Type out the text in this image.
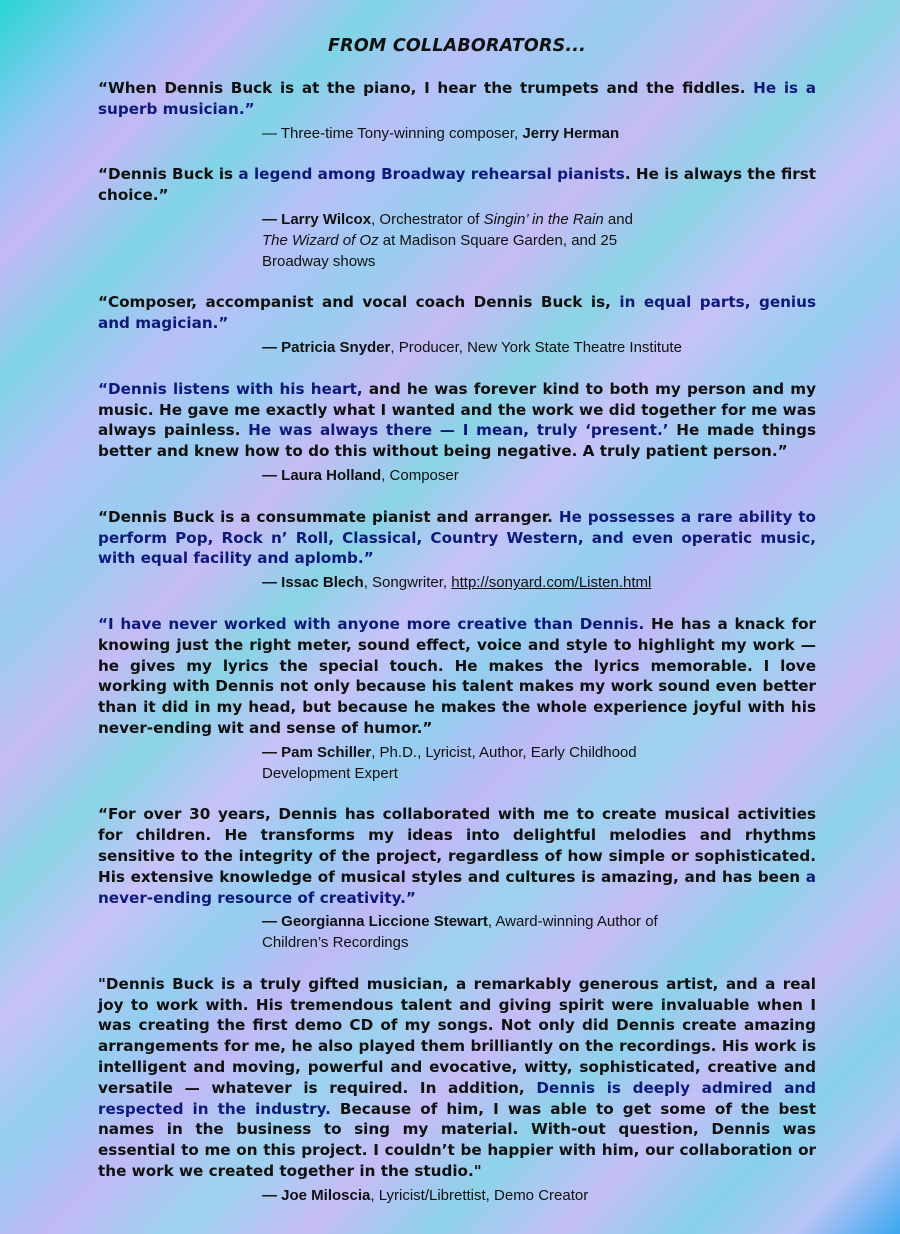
FROM COLLABORATORS...

“When Dennis Buck is at the piano, I hear the trumpets and the fiddles. He is a superb musician.”

— Three-time Tony-winning composer, Jerry Herman

“Dennis Buck is a legend among Broadway rehearsal pianists. He is always the first choice.”

— Larry Wilcox, Orchestrator of Singin’ in the Rain and
The Wizard of Oz at Madison Square Garden, and 25
Broadway shows

“Composer, accompanist and vocal coach Dennis Buck is, in equal parts, genius and magician.”

— Patricia Snyder, Producer, New York State Theatre Institute

“Dennis listens with his heart, and he was forever kind to both my person and my music. He gave me exactly what I wanted and the work we did together for me was always painless. He was always there — I mean, truly ‘present.’ He made things better and knew how to do this without being negative. A truly patient person.”

— Laura Holland, Composer

“Dennis Buck is a consummate pianist and arranger. He possesses a rare ability to perform Pop, Rock n’ Roll, Classical, Country Western, and even operatic music, with equal facility and aplomb.”

— Issac Blech, Songwriter, http://sonyard.com/Listen.html

“I have never worked with anyone more creative than Dennis. He has a knack for knowing just the right meter, sound effect, voice and style to highlight my work — he gives my lyrics the special touch. He makes the lyrics memorable. I love working with Dennis not only because his talent makes my work sound even better than it did in my head, but because he makes the whole experience joyful with his never-ending wit and sense of humor.”

— Pam Schiller, Ph.D., Lyricist, Author, Early Childhood
Development Expert

“For over 30 years, Dennis has collaborated with me to create musical activities for children. He transforms my ideas into delightful melodies and rhythms sensitive to the integrity of the project, regardless of how simple or sophisticated. His extensive knowledge of musical styles and cultures is amazing, and has been a never-ending resource of creativity.”

— Georgianna Liccione Stewart, Award-winning Author of
Children’s Recordings

"Dennis Buck is a truly gifted musician, a remarkably generous artist, and a real joy to work with. His tremendous talent and giving spirit were invaluable when I was creating the first demo CD of my songs. Not only did Dennis create amazing arrangements for me, he also played them brilliantly on the recordings. His work is intelligent and moving, powerful and evocative, witty, sophisticated, creative and versatile — whatever is required. In addition, Dennis is deeply admired and respected in the industry. Because of him, I was able to get some of the best names in the business to sing my material. With-out question, Dennis was essential to me on this project. I couldn’t be happier with him, our collaboration or the work we created together in the studio."

— Joe Miloscia, Lyricist/Librettist, Demo Creator
